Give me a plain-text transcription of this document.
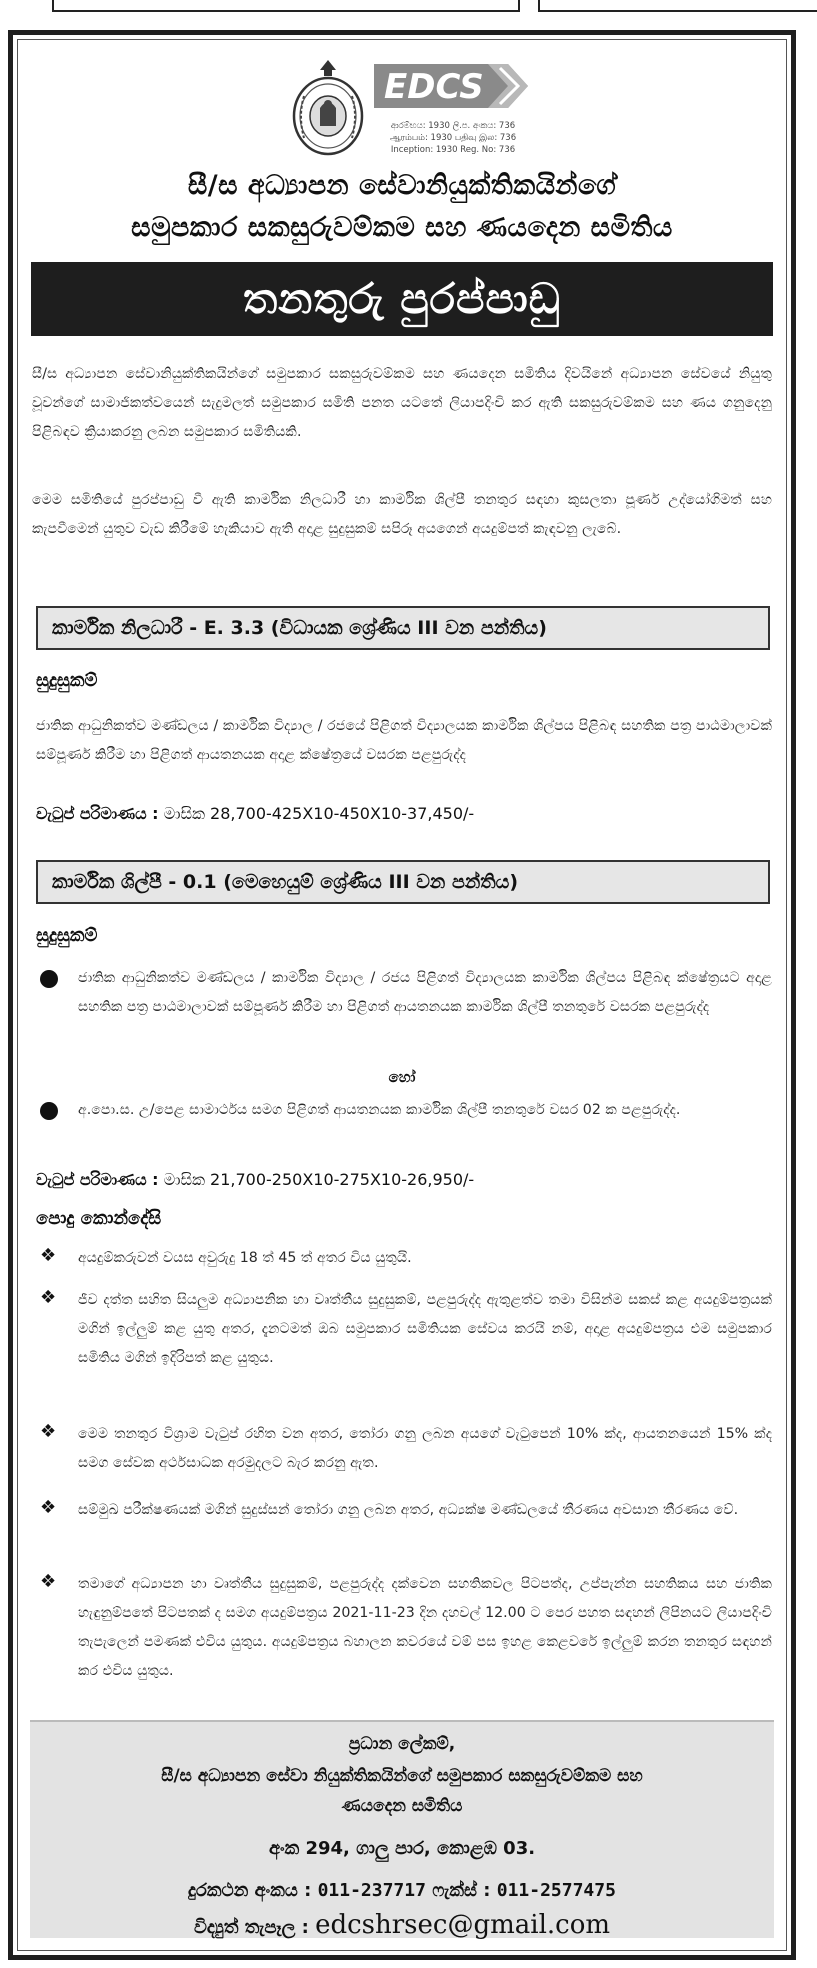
EDCS
ආරම්භය: 1930 ලි.ප. අංකය: 736
ஆரம்பம்: 1930 பதிவு இல: 736
Inception: 1930 Reg. No: 736
සී/ස අධ්‍යාපන සේවානියුක්තිකයින්ගේ
සමුපකාර සකසුරුවම්කම සහ ණයදෙන සමිතිය
තනතුරු පුරප්පාඩු
සී/ස අධ්‍යාපන සේවානියුක්තිකයින්ගේ සමුපකාර සකසුරුවම්කම සහ ණයදෙන සමිතිය දිවයිනේ අධ්‍යාපන සේවයේ නියුතු වූවන්ගේ සාමාජිකත්වයෙන් සැදුමලත් සමුපකාර සමිති පනත යටතේ ලියාපදිංචි කර ඇති සකසුරුවම්කම සහ ණය ගනුදෙනු පිළිබඳව ක්‍රියාකරනු ලබන සමුපකාර සමිතියකි.
මෙම සමිතියේ පුරප්පාඩු වී ඇති කාර්මික නිලධාරී හා කාර්මික ශිල්පී තනතුර සඳහා කුසලතා පූර්ණ උද්යෝගිමත් සහ කැපවීමෙන් යුතුව වැඩ කිරීමේ හැකියාව ඇති අදාළ සුදුසුකම් සපිරූ අයගෙන් අයදුම්පත් කැඳවනු ලැබේ.
කාර්මික නිලධාරී - E. 3.3 (විධායක ශ්‍රේණිය III වන පන්තිය)
සුදුසුකම්
ජාතික ආධුනිකත්ව මණ්ඩලය / කාර්මික විද්‍යාල / රජයේ පිළිගත් විද්‍යාලයක කාර්මික ශිල්පය පිළිබඳ සහතික පත්‍ර පාඨමාලාවක් සම්පූර්ණ කිරීම හා පිළිගත් ආයතනයක අදාළ ක්ෂේත්‍රයේ වසරක පළපුරුද්ද
වැටුප් පරිමාණය : මාසික 28,700-425X10-450X10-37,450/-
කාර්මික ශිල්පී - 0.1 (මෙහෙයුම් ශ්‍රේණිය III වන පන්තිය)
සුදුසුකම්
ජාතික ආධුනිකත්ව මණ්ඩලය / කාර්මික විද්‍යාල / රජය පිළිගත් විද්‍යාලයක කාර්මික ශිල්පය පිළිබඳ ක්ෂේත්‍රයට අදාළ සහතික පත්‍ර පාඨමාලාවක් සම්පූර්ණ කිරීම හා පිළිගත් ආයතනයක කාර්මික ශිල්පී තනතුරේ වසරක පළපුරුද්ද
හෝ
අ.පො.ස. උ/පෙළ සාමාර්ථය සමග පිළිගත් ආයතනයක කාර්මික ශිල්පී තනතුරේ වසර 02 ක පළපුරුද්ද.
වැටුප් පරිමාණය : මාසික 21,700-250X10-275X10-26,950/-
පොදු කොන්දේසි
❖ අයදුම්කරුවන් වයස අවුරුදු 18 ත් 45 ත් අතර විය යුතුයි.
❖ ජීව දත්ත සහිත සියලුම අධ්‍යාපනික හා වෘත්තීය සුදුසුකම්, පළපුරුද්ද ඇතුළත්ව තමා විසින්ම සකස් කළ අයදුම්පත්‍රයක් මගින් ඉල්ලුම් කළ යුතු අතර, දැනටමත් ඔබ සමුපකාර සමිතියක සේවය කරයි නම්, අදාළ අයදුම්පත්‍රය එම සමුපකාර සමිතිය මගින් ඉදිරිපත් කළ යුතුය.
❖ මෙම තනතුර විශ්‍රාම වැටුප් රහිත වන අතර, තෝරා ගනු ලබන අයගේ වැටුපෙන් 10% ක්ද, ආයතනයෙන් 15% ක්ද සමග සේවක අර්ථසාධක අරමුදලට බැර කරනු ඇත.
❖ සම්මුඛ පරීක්ෂණයක් මගින් සුදුස්සන් තෝරා ගනු ලබන අතර, අධ්‍යක්ෂ මණ්ඩලයේ තීරණය අවසාන තීරණය වේ.
❖ තමාගේ අධ්‍යාපන හා වෘත්තීය සුදුසුකම්, පළපුරුද්ද දක්වෙන සහතිකවල පිටපත්ද, උප්පැන්න සහතිකය සහ ජාතික හැඳුනුම්පතේ පිටපතක් ද සමග අයදුම්පත්‍රය 2021-11-23 දින දහවල් 12.00 ට පෙර පහත සඳහන් ලිපිනයට ලියාපදිංචි තැපැලෙන් පමණක් එවිය යුතුය. අයදුම්පත්‍රය බහාලන කවරයේ වම් පස ඉහළ කෙළවරේ ඉල්ලුම් කරන තනතුර සඳහන් කර එවිය යුතුය.
ප්‍රධාන ලේකම්,
සී/ස අධ්‍යාපන සේවා නියුක්තිකයින්ගේ සමුපකාර සකසුරුවම්කම සහ
ණයදෙන සමිතිය
අංක 294, ගාලු පාර, කොළඹ 03.
දුරකථන අංකය : 011-237717 ෆැක්ස් : 011-2577475
විද්‍යුත් තැපෑල : edcshrsec@gmail.com
